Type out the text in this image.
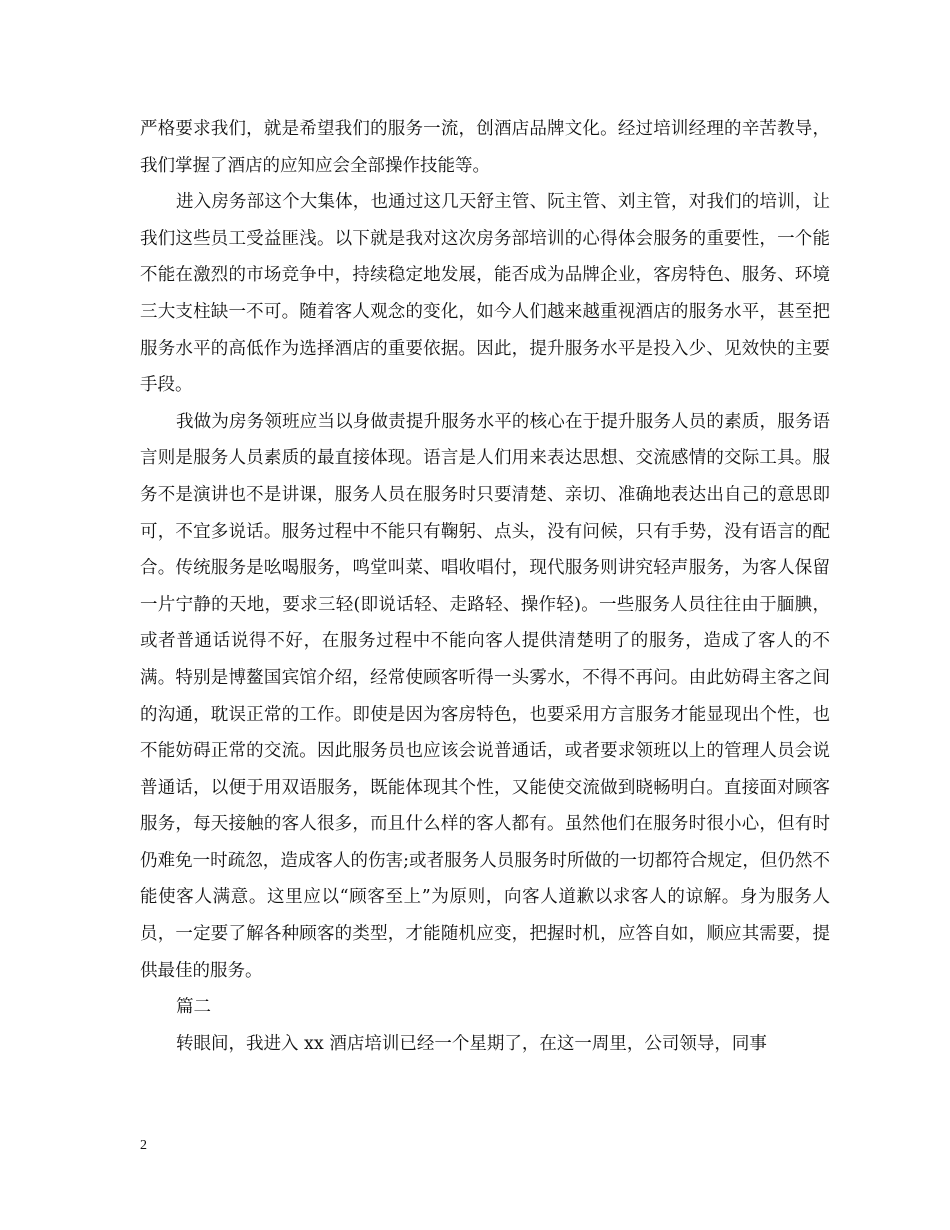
严格要求我们，就是希望我们的服务一流，创酒店品牌文化。经过培训经理的辛苦教导，我们掌握了酒店的应知应会全部操作技能等。

进入房务部这个大集体，也通过这几天舒主管、阮主管、刘主管，对我们的培训，让我们这些员工受益匪浅。以下就是我对这次房务部培训的心得体会服务的重要性，一个能不能在激烈的市场竞争中，持续稳定地发展，能否成为品牌企业，客房特色、服务、环境三大支柱缺一不可。随着客人观念的变化，如今人们越来越重视酒店的服务水平，甚至把服务水平的高低作为选择酒店的重要依据。因此，提升服务水平是投入少、见效快的主要手段。

我做为房务领班应当以身做责提升服务水平的核心在于提升服务人员的素质，服务语言则是服务人员素质的最直接体现。语言是人们用来表达思想、交流感情的交际工具。服务不是演讲也不是讲课，服务人员在服务时只要清楚、亲切、准确地表达出自己的意思即可，不宜多说话。服务过程中不能只有鞠躬、点头，没有问候，只有手势，没有语言的配合。传统服务是吆喝服务，鸣堂叫菜、唱收唱付，现代服务则讲究轻声服务，为客人保留一片宁静的天地，要求三轻(即说话轻、走路轻、操作轻)。一些服务人员往往由于腼腆，或者普通话说得不好，在服务过程中不能向客人提供清楚明了的服务，造成了客人的不满。特别是博鳌国宾馆介绍，经常使顾客听得一头雾水，不得不再问。由此妨碍主客之间的沟通，耽误正常的工作。即使是因为客房特色，也要采用方言服务才能显现出个性，也不能妨碍正常的交流。因此服务员也应该会说普通话，或者要求领班以上的管理人员会说普通话，以便于用双语服务，既能体现其个性，又能使交流做到晓畅明白。直接面对顾客服务，每天接触的客人很多，而且什么样的客人都有。虽然他们在服务时很小心，但有时仍难免一时疏忽，造成客人的伤害;或者服务人员服务时所做的一切都符合规定，但仍然不能使客人满意。这里应以“顾客至上”为原则，向客人道歉以求客人的谅解。身为服务人员，一定要了解各种顾客的类型，才能随机应变，把握时机，应答自如，顺应其需要，提供最佳的服务。

篇二

转眼间，我进入 xx 酒店培训已经一个星期了，在这一周里，公司领导，同事

2
